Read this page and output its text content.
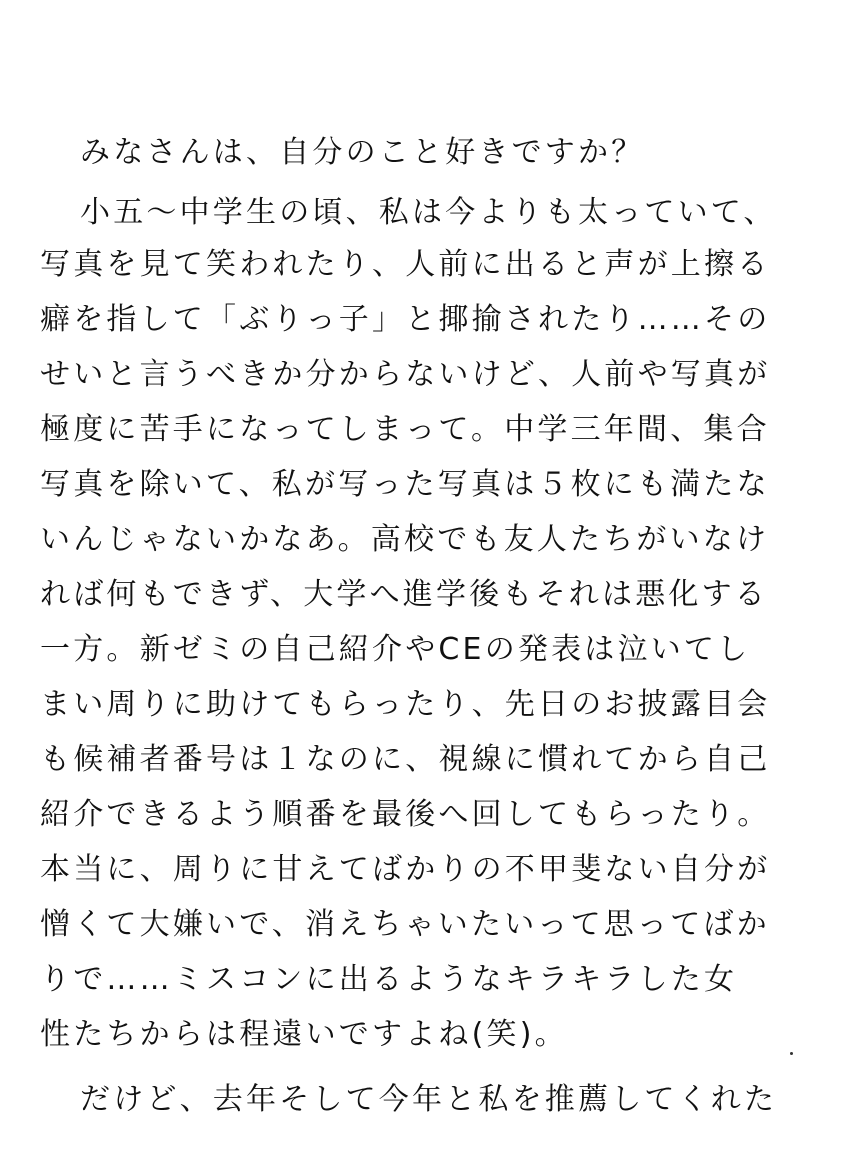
みなさんは、自分のこと好きですか？
小五〜中学生の頃、私は今よりも太っていて、
写真を見て笑われたり、人前に出ると声が上擦る
癖を指して「ぶりっ子」と揶揄されたり……その
せいと言うべきか分からないけど、人前や写真が
極度に苦手になってしまって。中学三年間、集合
写真を除いて、私が写った写真は５枚にも満たな
いんじゃないかなあ。高校でも友人たちがいなけ
れば何もできず、大学へ進学後もそれは悪化する
一方。新ゼミの自己紹介やCEの発表は泣いてし
まい周りに助けてもらったり、先日のお披露目会
も候補者番号は１なのに、視線に慣れてから自己
紹介できるよう順番を最後へ回してもらったり。
本当に、周りに甘えてばかりの不甲斐ない自分が
憎くて大嫌いで、消えちゃいたいって思ってばか
りで……ミスコンに出るようなキラキラした女
性たちからは程遠いですよね(笑)。
だけど、去年そして今年と私を推薦してくれた
